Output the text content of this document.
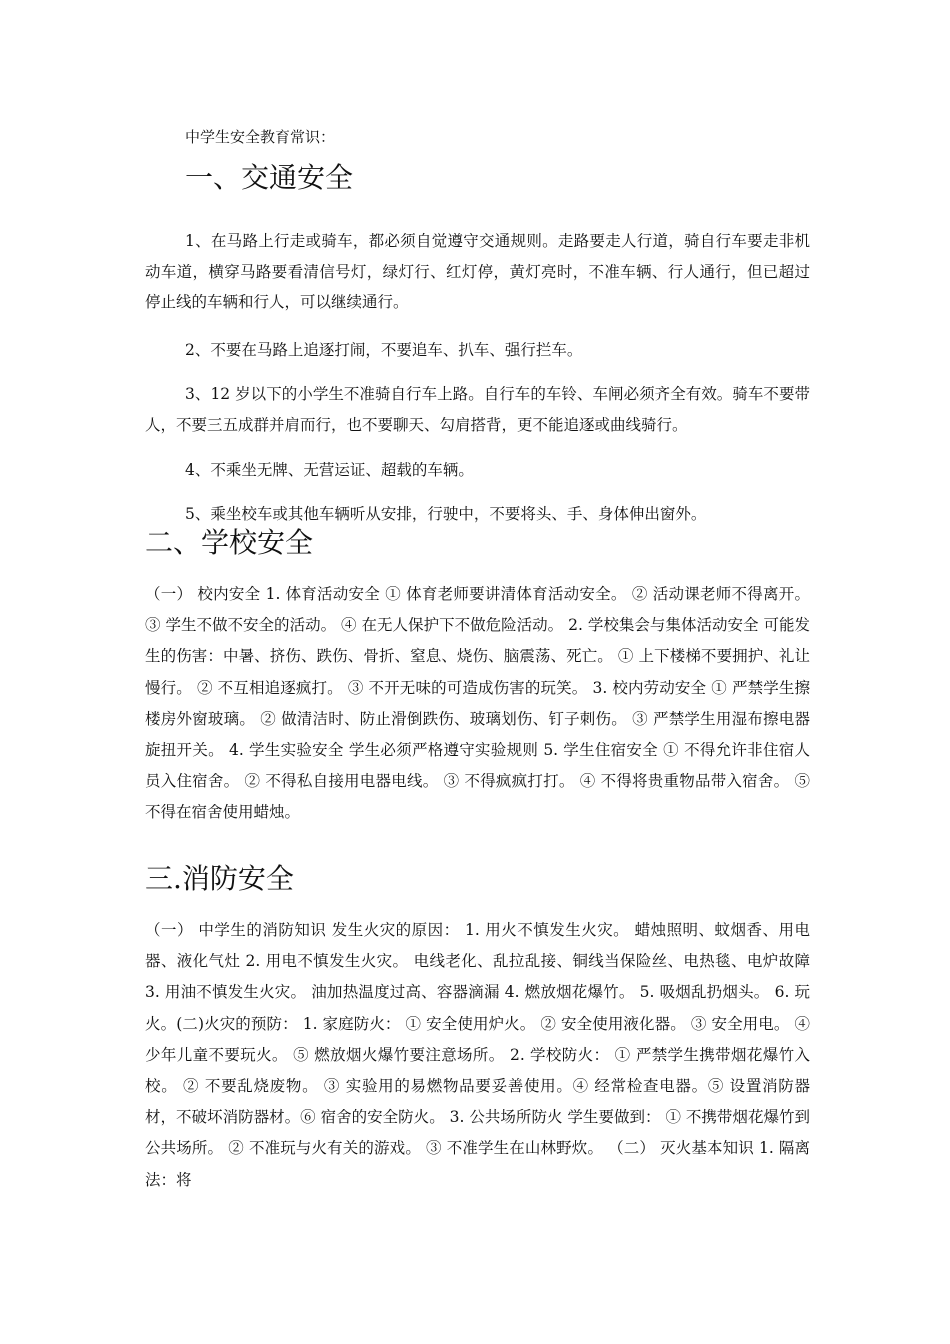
中学生安全教育常识：
一、交通安全

1、在马路上行走或骑车，都必须自觉遵守交通规则。走路要走人行道，骑自行车要走非机动车道，横穿马路要看清信号灯，绿灯行、红灯停，黄灯亮时，不准车辆、行人通行，但已超过停止线的车辆和行人，可以继续通行。

2、不要在马路上追逐打闹，不要追车、扒车、强行拦车。

3、12 岁以下的小学生不准骑自行车上路。自行车的车铃、车闸必须齐全有效。骑车不要带人，不要三五成群并肩而行，也不要聊天、勾肩搭背，更不能追逐或曲线骑行。

4、不乘坐无牌、无营运证、超载的车辆。

5、乘坐校车或其他车辆听从安排，行驶中，不要将头、手、身体伸出窗外。

二、学校安全

（一） 校内安全 1. 体育活动安全 ① 体育老师要讲清体育活动安全。 ② 活动课老师不得离开。 ③ 学生不做不安全的活动。 ④ 在无人保护下不做危险活动。 2. 学校集会与集体活动安全 可能发生的伤害：中暑、挤伤、跌伤、骨折、窒息、烧伤、脑震荡、死亡。 ① 上下楼梯不要拥护、礼让慢行。 ② 不互相追逐疯打。 ③ 不开无味的可造成伤害的玩笑。 3. 校内劳动安全 ① 严禁学生擦楼房外窗玻璃。 ② 做清洁时、防止滑倒跌伤、玻璃划伤、钉子刺伤。 ③ 严禁学生用湿布擦电器旋扭开关。 4. 学生实验安全 学生必须严格遵守实验规则 5. 学生住宿安全 ① 不得允许非住宿人员入住宿舍。 ② 不得私自接用电器电线。 ③ 不得疯疯打打。 ④ 不得将贵重物品带入宿舍。 ⑤ 不得在宿舍使用蜡烛。

三.消防安全

（一） 中学生的消防知识 发生火灾的原因： 1. 用火不慎发生火灾。 蜡烛照明、蚊烟香、用电器、液化气灶 2. 用电不慎发生火灾。 电线老化、乱拉乱接、铜线当保险丝、电热毯、电炉故障 3. 用油不慎发生火灾。 油加热温度过高、容器滴漏 4. 燃放烟花爆竹。 5. 吸烟乱扔烟头。 6. 玩火。(二)火灾的预防： 1. 家庭防火： ① 安全使用炉火。 ② 安全使用液化器。 ③ 安全用电。 ④ 少年儿童不要玩火。 ⑤ 燃放烟火爆竹要注意场所。 2. 学校防火： ① 严禁学生携带烟花爆竹入校。 ② 不要乱烧废物。 ③ 实验用的易燃物品要妥善使用。④ 经常检查电器。⑤ 设置消防器材，不破坏消防器材。⑥ 宿舍的安全防火。 3. 公共场所防火 学生要做到： ① 不携带烟花爆竹到公共场所。 ② 不准玩与火有关的游戏。 ③ 不准学生在山林野炊。 （二） 灭火基本知识 1. 隔离法：将
